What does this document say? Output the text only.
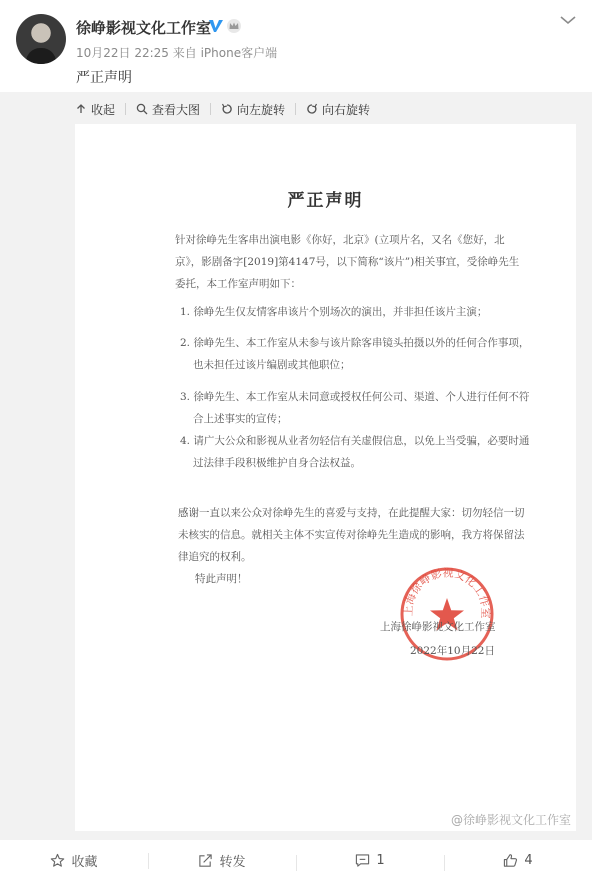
徐峥影视文化工作室
10月22日 22:25 来自 iPhone客户端
严正声明
收起	查看大图	向左旋转	向右旋转
严正声明
针对徐峥先生客串出演电影《你好，北京》(立项片名，又名《您好，北京》，影剧备字[2019]第4147号，以下简称“该片”)相关事宜，受徐峥先生委托，本工作室声明如下：
1. 徐峥先生仅友情客串该片个别场次的演出，并非担任该片主演；
2. 徐峥先生、本工作室从未参与该片除客串镜头拍摄以外的任何合作事项，也未担任过该片编剧或其他职位；
3. 徐峥先生、本工作室从未同意或授权任何公司、渠道、个人进行任何不符合上述事实的宣传；
4. 请广大公众和影视从业者勿轻信有关虚假信息，以免上当受骗，必要时通过法律手段积极维护自身合法权益。
感谢一直以来公众对徐峥先生的喜爱与支持，在此提醒大家：切勿轻信一切未核实的信息。就相关主体不实宣传对徐峥先生造成的影响，我方将保留法律追究的权利。
特此声明！
上海徐峥影视文化工作室
上海徐峥影视文化工作室
2022年10月22日
@徐峥影视文化工作室
收藏	转发	1	4
